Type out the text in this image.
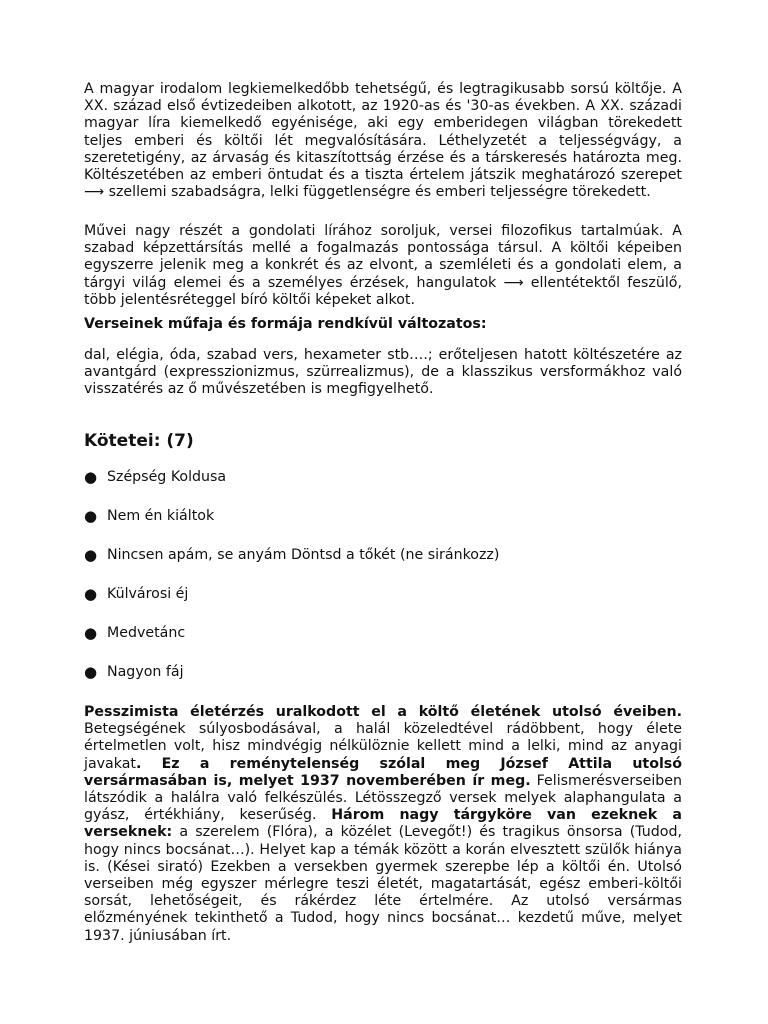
A magyar irodalom legkiemelkedőbb tehetségű, és legtragikusabb sorsú költője. A XX. század első évtizedeiben alkotott, az 1920-as és '30-as években. A XX. századi magyar líra kiemelkedő egyénisége, aki egy emberidegen világban törekedett teljes emberi és költői lét megvalósítására. Léthelyzetét a teljességvágy, a szeretetigény, az árvaság és kitaszítottság érzése és a társkeresés határozta meg. Költészetében az emberi öntudat és a tiszta értelem játszik meghatározó szerepet ⟶ szellemi szabadságra, lelki függetlenségre és emberi teljességre törekedett.

Művei nagy részét a gondolati lírához soroljuk, versei filozofikus tartalmúak. A szabad képzettársítás mellé a fogalmazás pontossága társul. A költői képeiben egyszerre jelenik meg a konkrét és az elvont, a szemléleti és a gondolati elem, a tárgyi világ elemei és a személyes érzések, hangulatok ⟶ ellentétektől feszülő, több jelentésréteggel bíró költői képeket alkot.

Verseinek műfaja és formája rendkívül változatos:

dal, elégia, óda, szabad vers, hexameter stb….; erőteljesen hatott költészetére az avantgárd (expresszionizmus, szürrealizmus), de a klasszikus versformákhoz való visszatérés az ő művészetében is megfigyelhető.

Kötetei: (7)
● Szépség Koldusa
● Nem én kiáltok
● Nincsen apám, se anyám Döntsd a tőkét (ne siránkozz)
● Külvárosi éj
● Medvetánc
● Nagyon fáj

Pesszimista életérzés uralkodott el a költő életének utolsó éveiben. Betegségének súlyosbodásával, a halál közeledtével rádöbbent, hogy élete értelmetlen volt, hisz mindvégig nélkülöznie kellett mind a lelki, mind az anyagi javakat. Ez a reménytelenség szólal meg József Attila utolsó versármasában is, melyet 1937 novemberében ír meg. Felismerésverseiben látszódik a halálra való felkészülés. Létösszegző versek melyek alaphangulata a gyász, értékhiány, keserűség. Három nagy tárgyköre van ezeknek a verseknek: a szerelem (Flóra), a közélet (Levegőt!) és tragikus önsorsa (Tudod, hogy nincs bocsánat…). Helyet kap a témák között a korán elvesztett szülők hiánya is. (Kései sirató) Ezekben a versekben gyermek szerepbe lép a költői én. Utolsó verseiben még egyszer mérlegre teszi életét, magatartását, egész emberi-költői sorsát, lehetőségeit, és rákérdez léte értelmére. Az utolsó versármas előzményének tekinthető a Tudod, hogy nincs bocsánat… kezdetű műve, melyet 1937. júniusában írt.
